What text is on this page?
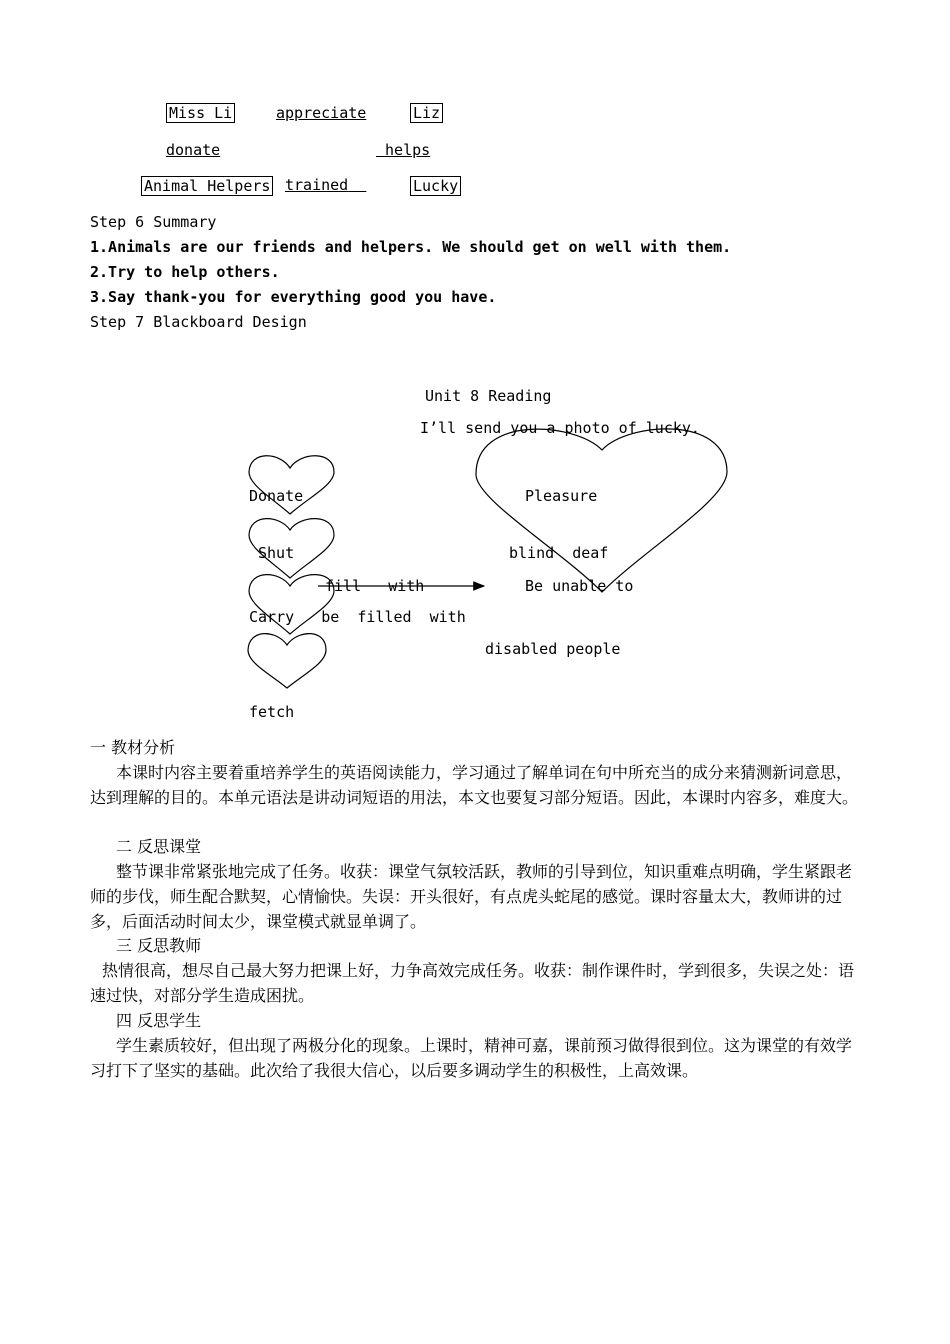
Miss Li	appreciate	Liz
donate	helps
Animal Helpers trained	Lucky
Step 6 Summary
1.Animals are our friends and helpers. We should get on well with them.
2.Try to help others.
3.Say thank-you for everything good you have.
Step 7 Blackboard Design
Unit 8 Reading
I’ll send you a photo of lucky.
Donate
Shut
fill   with
Carry   be  filled  with
fetch
Pleasure
blind  deaf
Be unable to
disabled people
一 教材分析
本课时内容主要着重培养学生的英语阅读能力，学习通过了解单词在句中所充当的成分来猜测新词意思，达到理解的目的。本单元语法是讲动词短语的用法，本文也要复习部分短语。因此，本课时内容多，难度大。
二 反思课堂
整节课非常紧张地完成了任务。收获：课堂气氛较活跃，教师的引导到位，知识重难点明确，学生紧跟老师的步伐，师生配合默契，心情愉快。失误：开头很好，有点虎头蛇尾的感觉。课时容量太大，教师讲的过多，后面活动时间太少，课堂模式就显单调了。
三 反思教师
热情很高，想尽自己最大努力把课上好，力争高效完成任务。收获：制作课件时，学到很多，失误之处：语速过快，对部分学生造成困扰。
四 反思学生
学生素质较好，但出现了两极分化的现象。上课时，精神可嘉，课前预习做得很到位。这为课堂的有效学习打下了坚实的基础。此次给了我很大信心，以后要多调动学生的积极性，上高效课。
